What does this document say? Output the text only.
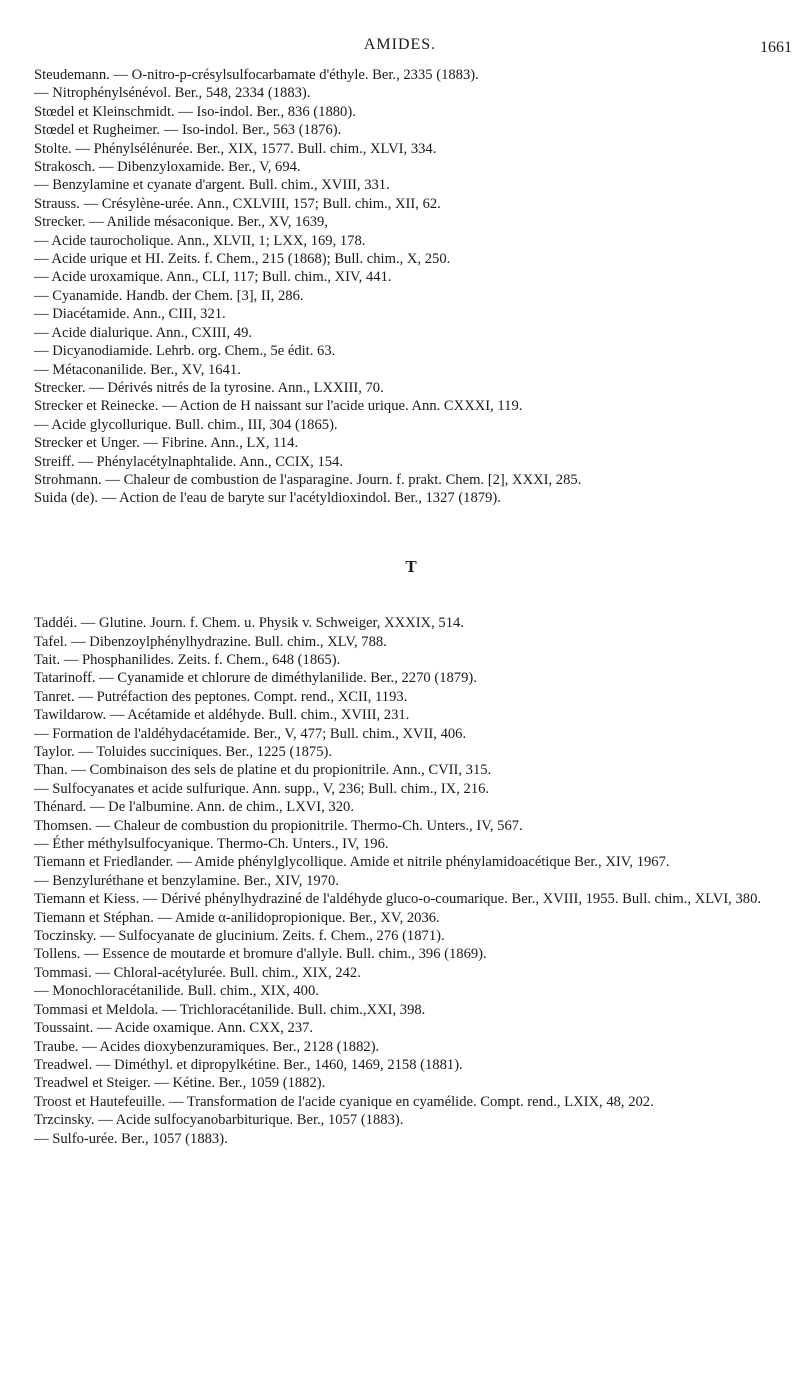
AMIDES.	1661

Steudemann. — O-nitro-p-crésylsulfocarbamate d'éthyle. Ber., 2335 (1883).

— Nitrophénylsénévol. Ber., 548, 2334 (1883).

Stœdel et Kleinschmidt. — Iso-indol. Ber., 836 (1880).

Stœdel et Rugheimer. — Iso-indol. Ber., 563 (1876).

Stolte. — Phénylsélénurée. Ber., XIX, 1577. Bull. chim., XLVI, 334.

Strakosch. — Dibenzyloxamide. Ber., V, 694.

— Benzylamine et cyanate d'argent. Bull. chim., XVIII, 331.

Strauss. — Crésylène-urée. Ann., CXLVIII, 157; Bull. chim., XII, 62.

Strecker. — Anilide mésaconique. Ber., XV, 1639,

— Acide taurocholique. Ann., XLVII, 1; LXX, 169, 178.

— Acide urique et HI. Zeits. f. Chem., 215 (1868); Bull. chim., X, 250.

— Acide uroxamique. Ann., CLI, 117; Bull. chim., XIV, 441.

— Cyanamide. Handb. der Chem. [3], II, 286.

— Diacétamide. Ann., CIII, 321.

— Acide dialurique. Ann., CXIII, 49.

— Dicyanodiamide. Lehrb. org. Chem., 5e édit. 63.

— Métaconanilide. Ber., XV, 1641.

Strecker. — Dérivés nitrés de la tyrosine. Ann., LXXIII, 70.

Strecker et Reinecke. — Action de H naissant sur l'acide urique. Ann. CXXXI, 119.

— Acide glycollurique. Bull. chim., III, 304 (1865).

Strecker et Unger. — Fibrine. Ann., LX, 114.

Streiff. — Phénylacétylnaphtalide. Ann., CCIX, 154.

Strohmann. — Chaleur de combustion de l'asparagine. Journ. f. prakt. Chem. [2], XXXI, 285.

Suida (de). — Action de l'eau de baryte sur l'acétyldioxindol. Ber., 1327 (1879).

T

Taddéi. — Glutine. Journ. f. Chem. u. Physik v. Schweiger, XXXIX, 514.

Tafel. — Dibenzoylphénylhydrazine. Bull. chim., XLV, 788.

Tait. — Phosphanilides. Zeits. f. Chem., 648 (1865).

Tatarinoff. — Cyanamide et chlorure de diméthylanilide. Ber., 2270 (1879).

Tanret. — Putréfaction des peptones. Compt. rend., XCII, 1193.

Tawildarow. — Acétamide et aldéhyde. Bull. chim., XVIII, 231.

— Formation de l'aldéhydacétamide. Ber., V, 477; Bull. chim., XVII, 406.

Taylor. — Toluides succiniques. Ber., 1225 (1875).

Than. — Combinaison des sels de platine et du propionitrile. Ann., CVII, 315.

— Sulfocyanates et acide sulfurique. Ann. supp., V, 236; Bull. chim., IX, 216.

Thénard. — De l'albumine. Ann. de chim., LXVI, 320.

Thomsen. — Chaleur de combustion du propionitrile. Thermo-Ch. Unters., IV, 567.

— Éther méthylsulfocyanique. Thermo-Ch. Unters., IV, 196.

Tiemann et Friedlander. — Amide phénylglycollique. Amide et nitrile phénylamidoacétique Ber., XIV, 1967.

— Benzyluréthane et benzylamine. Ber., XIV, 1970.

Tiemann et Kiess. — Dérivé phénylhydraziné de l'aldéhyde gluco-o-coumarique. Ber., XVIII, 1955. Bull. chim., XLVI, 380.

Tiemann et Stéphan. — Amide α-anilidopropionique. Ber., XV, 2036.

Toczinsky. — Sulfocyanate de glucinium. Zeits. f. Chem., 276 (1871).

Tollens. — Essence de moutarde et bromure d'allyle. Bull. chim., 396 (1869).

Tommasi. — Chloral-acétylurée. Bull. chim., XIX, 242.

— Monochloracétanilide. Bull. chim., XIX, 400.

Tommasi et Meldola. — Trichloracétanilide. Bull. chim.,XXI, 398.

Toussaint. — Acide oxamique. Ann. CXX, 237.

Traube. — Acides dioxybenzuramiques. Ber., 2128 (1882).

Treadwel. — Diméthyl. et dipropylkétine. Ber., 1460, 1469, 2158 (1881).

Treadwel et Steiger. — Kétine. Ber., 1059 (1882).

Troost et Hautefeuille. — Transformation de l'acide cyanique en cyamélide. Compt. rend., LXIX, 48, 202.

Trzcinsky. — Acide sulfocyanobarbiturique. Ber., 1057 (1883).

— Sulfo-urée. Ber., 1057 (1883).
